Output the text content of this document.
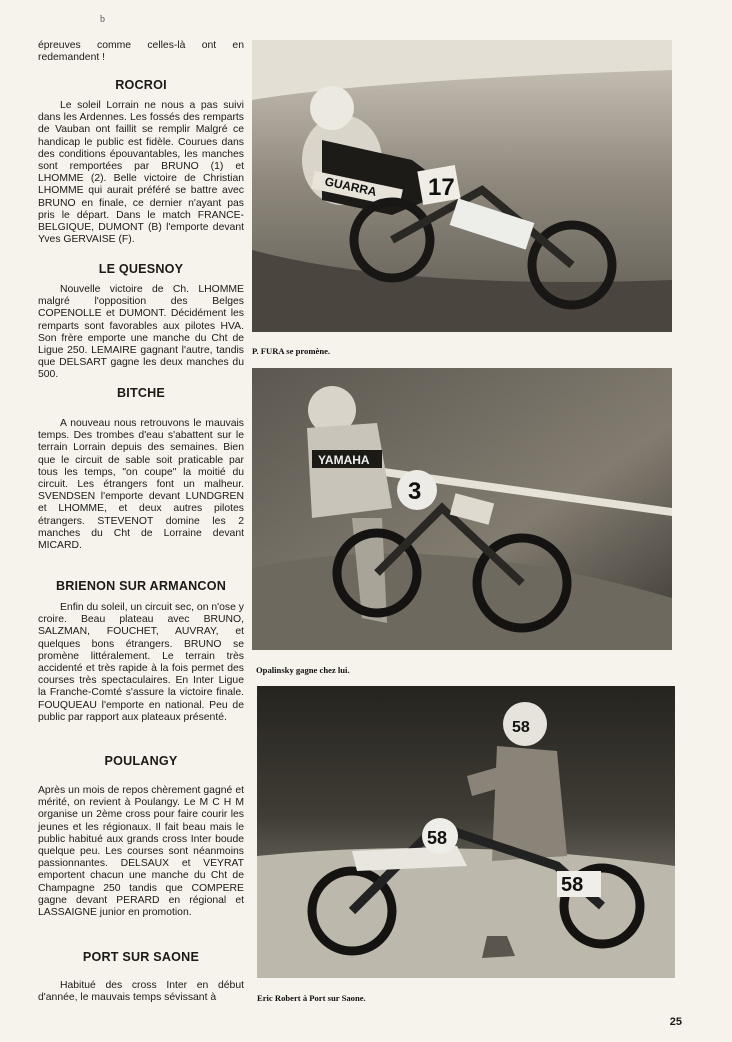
b

épreuves comme celles-là ont en redemandent !

ROCROI

Le soleil Lorrain ne nous a pas suivi dans les Ardennes. Les fossés des remparts de Vauban ont faillit se remplir Malgré ce handicap le public est fidèle. Courues dans des conditions épouvantables, les manches sont remportées par BRUNO (1) et LHOMME (2). Belle victoire de Christian LHOMME qui aurait préféré se battre avec BRUNO en finale, ce dernier n'ayant pas pris le départ. Dans le match FRANCE-BELGIQUE, DUMONT (B) l'emporte devant Yves GERVAISE (F).

LE QUESNOY

Nouvelle victoire de Ch. LHOMME malgré l'opposition des Belges COPENOLLE et DUMONT. Décidément les remparts sont favorables aux pilotes HVA. Son frère emporte une manche du Cht de Ligue 250. LEMAIRE gagnant l'autre, tandis que DELSART gagne les deux manches du 500.

BITCHE

A nouveau nous retrouvons le mauvais temps. Des trombes d'eau s'abattent sur le terrain Lorrain depuis des semaines. Bien que le circuit de sable soit praticable par tous les temps, "on coupe" la moitié du circuit. Les étrangers font un malheur. SVENDSEN l'emporte devant LUNDGREN et LHOMME, et deux autres pilotes étrangers. STEVENOT domine les 2 manches du Cht de Lorraine devant MICARD.

BRIENON SUR ARMANCON

Enfin du soleil, un circuit sec, on n'ose y croire. Beau plateau avec BRUNO, SALZMAN, FOUCHET, AUVRAY, et quelques bons étrangers. BRUNO se promène littéralement. Le terrain très accidenté et très rapide à la fois permet des courses très spectaculaires. En Inter Ligue la Franche-Comté s'assure la victoire finale. FOUQUEAU l'emporte en national. Peu de public par rapport aux plateaux présenté.

POULANGY

Après un mois de repos chèrement gagné et mérité, on revient à Poulangy. Le M C H M organise un 2ème cross pour faire courir les jeunes et les régionaux. Il fait beau mais le public habitué aux grands cross Inter boude quelque peu. Les courses sont néanmoins passionnantes. DELSAUX et VEYRAT emportent chacun une manche du Cht de Champagne 250 tandis que COMPERE gagne devant PERARD en régional et LASSAIGNE junior en promotion.

PORT SUR SAONE

Habitué des cross Inter en début d'année, le mauvais temps sévissant à

17
GUARRA
P. FURA se promène.
YAMAHA
3
Opalinsky gagne chez lui.
58
58
58
Eric Robert à Port sur Saone.
25
